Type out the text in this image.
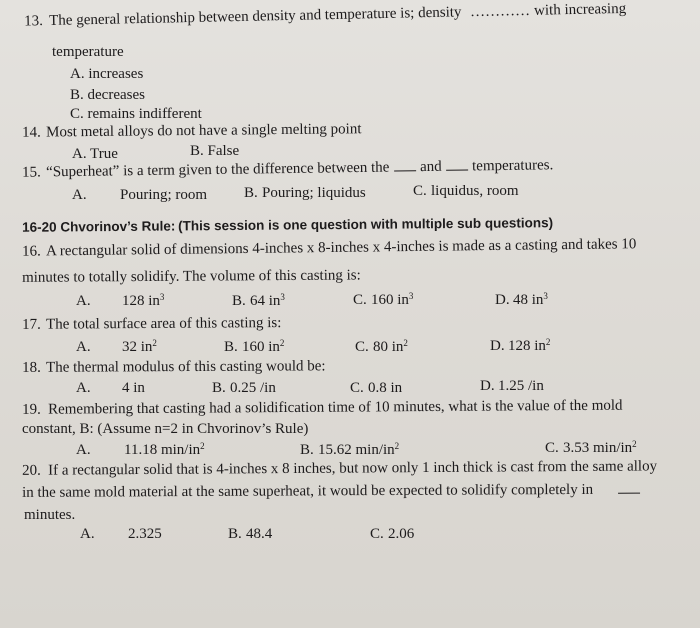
13. The general relationship between density and temperature is; density ………… with increasing
temperature
A. increases
B. decreases
C. remains indifferent
14. Most metal alloys do not have a single melting point
A. True	B. False
15. “Superheat” is a term given to the difference between the and temperatures.
A. Pouring; room B. Pouring; liquidus	C. liquidus, room
16-20 Chvorinov’s Rule: (This session is one question with multiple sub questions)
16. A rectangular solid of dimensions 4-inches x 8-inches x 4-inches is made as a casting and takes 10
minutes to totally solidify. The volume of this casting is:
A. 128 $in^3$	B. 64 $in^3$	C. 160 $in^3$	D. 48 $in^3$
17. The total surface area of this casting is:
A. 32 $in^2$	B. 160 $in^2$	C. 80 $in^2$	D. 128 $in^2$
18. The thermal modulus of this casting would be:
A. 4 in	B. 0.25 /in	C. 0.8 in	D. 1.25 /in
19. Remembering that casting had a solidification time of 10 minutes, what is the value of the mold
constant, B: (Assume n=2 in Chvorinov’s Rule)
A. 11.18 $\min/in^2$	B. 15.62 $\min/in^2$	C. 3.53 $\min/in^2$
20. If a rectangular solid that is 4-inches x 8 inches, but now only 1 inch thick is cast from the same alloy
in the same mold material at the same superheat, it would be expected to solidify completely in
minutes.
A. 2.325	B. 48.4	C. 2.06
